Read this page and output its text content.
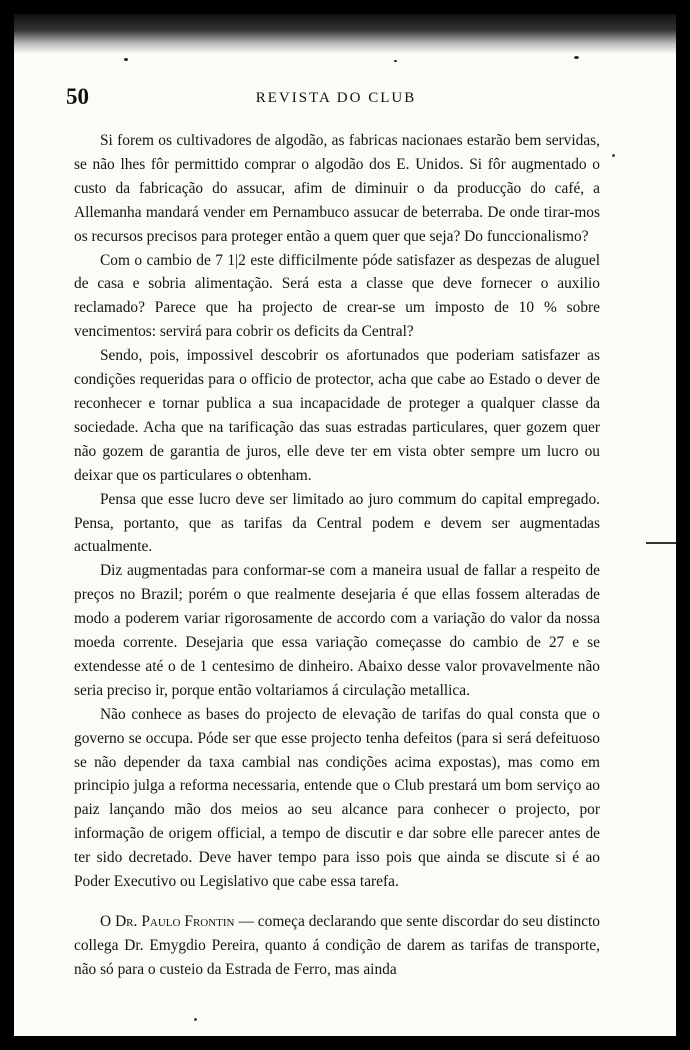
50	REVISTA DO CLUB

Si forem os cultivadores de algodão, as fabricas nacionaes estarão bem servidas, se não lhes fôr permittido comprar o algodão dos E. Unidos. Si fôr augmentado o custo da fabricação do assucar, afim de diminuir o da producção do café, a Allemanha mandará vender em Pernambuco assucar de beterraba. De onde tirar-mos os recursos precisos para proteger então a quem quer que seja? Do funccionalismo?

Com o cambio de 7 1|2 este difficilmente póde satisfazer as despezas de aluguel de casa e sobria alimentação. Será esta a classe que deve fornecer o auxilio reclamado? Parece que ha projecto de crear-se um imposto de 10 % sobre vencimentos: servirá para cobrir os deficits da Central?

Sendo, pois, impossivel descobrir os afortunados que poderiam satisfazer as condições requeridas para o officio de protector, acha que cabe ao Estado o dever de reconhecer e tornar publica a sua incapacidade de proteger a qualquer classe da sociedade. Acha que na tarificação das suas estradas particulares, quer gozem quer não gozem de garantia de juros, elle deve ter em vista obter sempre um lucro ou deixar que os particulares o obtenham.

Pensa que esse lucro deve ser limitado ao juro commum do capital empregado. Pensa, portanto, que as tarifas da Central podem e devem ser augmentadas actualmente.

Diz augmentadas para conformar-se com a maneira usual de fallar a respeito de preços no Brazil; porém o que realmente desejaria é que ellas fossem alteradas de modo a poderem variar rigorosamente de accordo com a variação do valor da nossa moeda corrente. Desejaria que essa variação começasse do cambio de 27 e se extendesse até o de 1 centesimo de dinheiro. Abaixo desse valor provavelmente não seria preciso ir, porque então voltariamos á circulação metallica.

Não conhece as bases do projecto de elevação de tarifas do qual consta que o governo se occupa. Póde ser que esse projecto tenha defeitos (para si será defeituoso se não depender da taxa cambial nas condições acima expostas), mas como em principio julga a reforma necessaria, entende que o Club prestará um bom serviço ao paiz lançando mão dos meios ao seu alcance para conhecer o projecto, por informação de origem official, a tempo de discutir e dar sobre elle parecer antes de ter sido decretado. Deve haver tempo para isso pois que ainda se discute si é ao Poder Executivo ou Legislativo que cabe essa tarefa.

O Dr. Paulo Frontin — começa declarando que sente discordar do seu distincto collega Dr. Emygdio Pereira, quanto á condição de darem as tarifas de transporte, não só para o custeio da Estrada de Ferro, mas ainda
